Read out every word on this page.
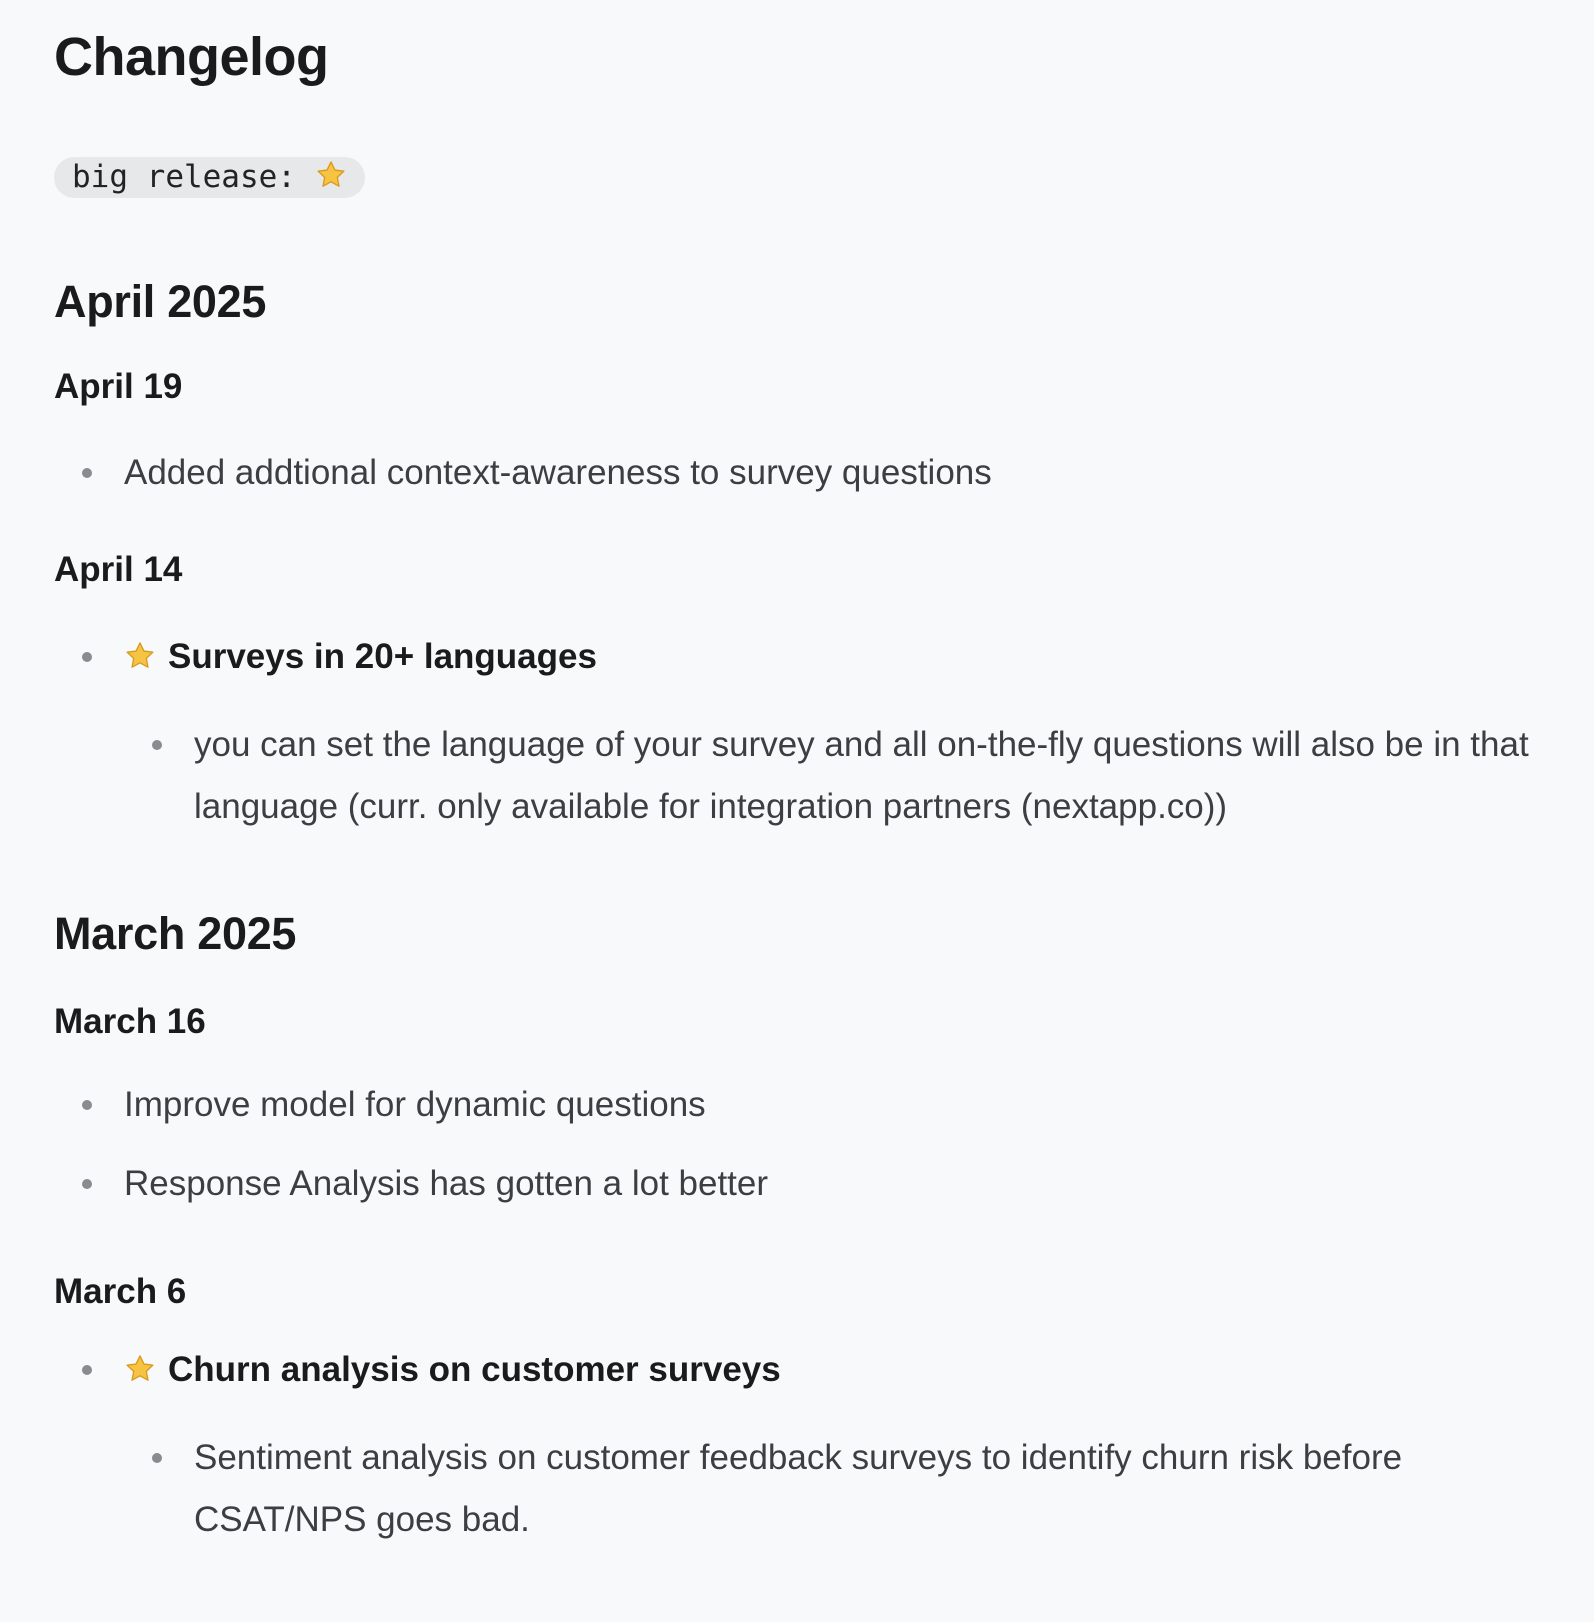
Changelog
big release:
April 2025
April 19
Added addtional context-awareness to survey questions
April 14
Surveys in 20+ languages
you can set the language of your survey and all on-the-fly questions will also be in that language (curr. only available for integration partners (nextapp.co))
March 2025
March 16
Improve model for dynamic questions
Response Analysis has gotten a lot better
March 6
Churn analysis on customer surveys
Sentiment analysis on customer feedback surveys to identify churn risk before CSAT/NPS goes bad.
